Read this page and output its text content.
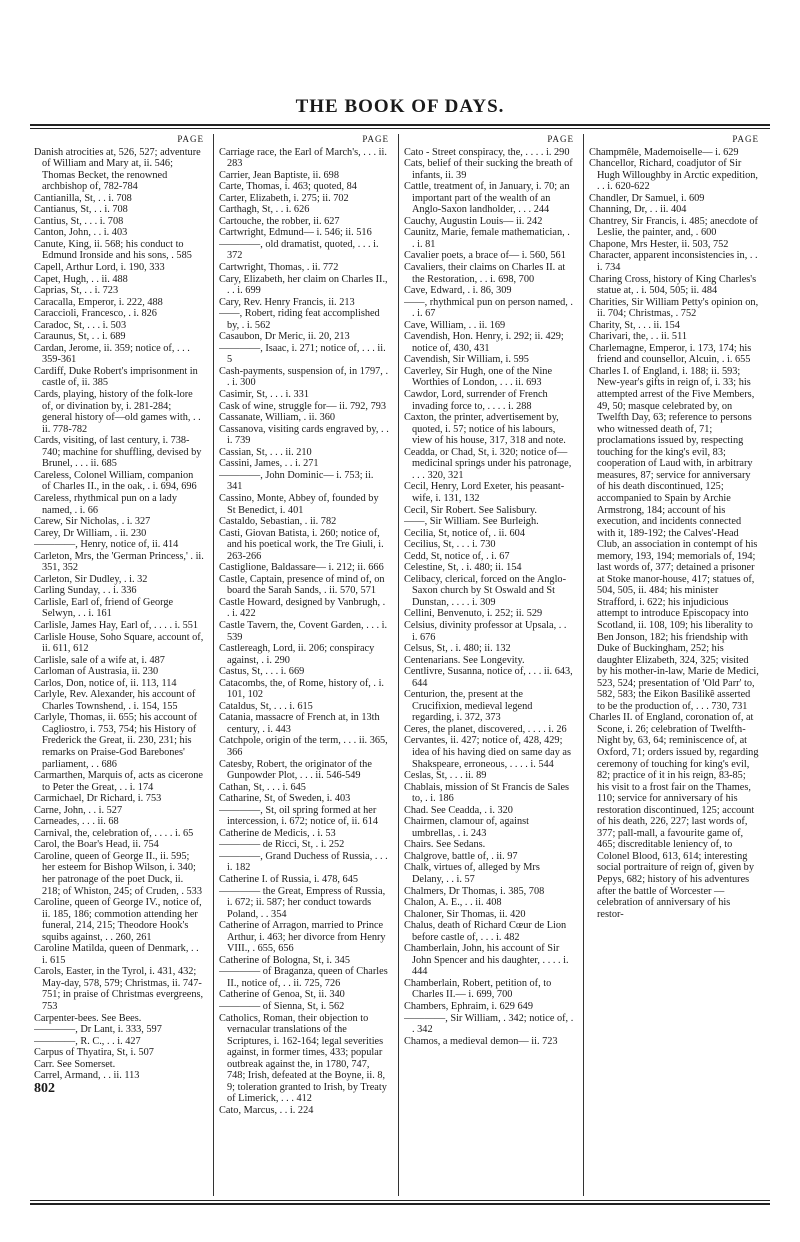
THE BOOK OF DAYS.
PAGE
Danish atrocities at, 526, 527; adventure of William and Mary at, ii. 546; Thomas Becket, the renowned archbishop of, 782-784
Cantianilla, St, . . i. 708
Cantianus, St, . . i. 708
Cantius, St, . . . i. 708
Canton, John, . . i. 403
Canute, King, ii. 568; his conduct to Edmund Ironside and his sons, . 585
Capell, Arthur Lord, i. 190, 333
Capet, Hugh, . . ii. 488
Caprias, St, . . i. 723
Caracalla, Emperor, i. 222, 488
Caraccioli, Francesco, . i. 826
Caradoc, St, . . . i. 503
Caraunus, St, . . i. 689
Cardan, Jerome, ii. 359; notice of, . . . 359-361
Cardiff, Duke Robert's imprisonment in castle of, ii. 385
Cards, playing, history of the folk-lore of, or divination by, i. 281-284; general history of—old games with, . . ii. 778-782
Cards, visiting, of last century, i. 738-740; machine for shuffling, devised by Brunel, . . . ii. 685
Careless, Colonel William, companion of Charles II., in the oak, . i. 694, 696
Careless, rhythmical pun on a lady named, . i. 66
Carew, Sir Nicholas, . i. 327
Carey, Dr William, . ii. 230
————, Henry, notice of, ii. 414
Carleton, Mrs, the 'German Princess,' . ii. 351, 352
Carleton, Sir Dudley, . i. 32
Carling Sunday, . . i. 336
Carlisle, Earl of, friend of George Selwyn, . . i. 161
Carlisle, James Hay, Earl of, . . . . i. 551
Carlisle House, Soho Square, account of, ii. 611, 612
Carlisle, sale of a wife at, i. 487
Carloman of Austrasia, ii. 230
Carlos, Don, notice of, ii. 113, 114
Carlyle, Rev. Alexander, his account of Charles Townshend, . i. 154, 155
Carlyle, Thomas, ii. 655; his account of Cagliostro, i. 753, 754; his History of Frederick the Great, ii. 230, 231; his remarks on Praise-God Barebones' parliament, . . 686
Carmarthen, Marquis of, acts as cicerone to Peter the Great, . . i. 174
Carmichael, Dr Richard, i. 753
Carne, John, . . i. 527
Carneades, . . . ii. 68
Carnival, the, celebration of, . . . . i. 65
Carol, the Boar's Head, ii. 754
Caroline, queen of George II., ii. 595; her esteem for Bishop Wilson, i. 340; her patronage of the poet Duck, ii. 218; of Whiston, 245; of Cruden, . 533
Caroline, queen of George IV., notice of, ii. 185, 186; commotion attending her funeral, 214, 215; Theodore Hook's squibs against, . . 260, 261
Caroline Matilda, queen of Denmark, . . i. 615
Carols, Easter, in the Tyrol, i. 431, 432; May-day, 578, 579; Christmas, ii. 747-751; in praise of Christmas evergreens, 753
Carpenter-bees. See Bees.
————, Dr Lant, i. 333, 597
————, R. C., . . i. 427
Carpus of Thyatira, St, i. 507
Carr. See Somerset.
Carrel, Armand, . . ii. 113
802
PAGE
Carriage race, the Earl of March's, . . . ii. 283
Carrier, Jean Baptiste, ii. 698
Carte, Thomas, i. 463; quoted, 84
Carter, Elizabeth, i. 275; ii. 702
Carthagh, St, . . i. 626
Cartouche, the robber, ii. 627
Cartwright, Edmund— i. 546; ii. 516
————, old dramatist, quoted, . . . i. 372
Cartwright, Thomas, . ii. 772
Cary, Elizabeth, her claim on Charles II., . . i. 699
Cary, Rev. Henry Francis, ii. 213
——, Robert, riding feat accomplished by, . i. 562
Casaubon, Dr Meric, ii. 20, 213
————, Isaac, i. 271; notice of, . . . ii. 5
Cash-payments, suspension of, in 1797, . . i. 300
Casimir, St, . . . i. 331
Cask of wine, struggle for— ii. 792, 793
Cassanate, William, . ii. 360
Cassanova, visiting cards engraved by, . . i. 739
Cassian, St, . . . ii. 210
Cassini, James, . . i. 271
————, John Dominic— i. 753; ii. 341
Cassino, Monte, Abbey of, founded by St Benedict, i. 401
Castaldo, Sebastian, . ii. 782
Casti, Giovan Batista, i. 260; notice of, and his poetical work, the Tre Giuli, i. 263-266
Castiglione, Baldassare— i. 212; ii. 666
Castle, Captain, presence of mind of, on board the Sarah Sands, . ii. 570, 571
Castle Howard, designed by Vanbrugh, . . i. 422
Castle Tavern, the, Covent Garden, . . . i. 539
Castlereagh, Lord, ii. 206; conspiracy against, . i. 290
Castus, St, . . . i. 669
Catacombs, the, of Rome, history of, . i. 101, 102
Cataldus, St, . . . i. 615
Catania, massacre of French at, in 13th century, . i. 443
Catchpole, origin of the term, . . . ii. 365, 366
Catesby, Robert, the originator of the Gunpowder Plot, . . . ii. 546-549
Cathan, St, . . . i. 645
Catharine, St, of Sweden, i. 403
————, St, oil spring formed at her intercession, i. 672; notice of, ii. 614
Catherine de Medicis, . i. 53
———— de Ricci, St, . i. 252
————, Grand Duchess of Russia, . . . i. 182
Catherine I. of Russia, i. 478, 645
———— the Great, Empress of Russia, i. 672; ii. 587; her conduct towards Poland, . . 354
Catherine of Arragon, married to Prince Arthur, i. 463; her divorce from Henry VIII., . 655, 656
Catherine of Bologna, St, i. 345
———— of Braganza, queen of Charles II., notice of, . . ii. 725, 726
Catherine of Genoa, St, ii. 340
———— of Sienna, St, i. 562
Catholics, Roman, their objection to vernacular translations of the Scriptures, i. 162-164; legal severities against, in former times, 433; popular outbreak against the, in 1780, 747, 748; Irish, defeated at the Boyne, ii. 8, 9; toleration granted to Irish, by Treaty of Limerick, . . . 412
Cato, Marcus, . . i. 224
PAGE
Cato - Street conspiracy, the, . . . . i. 290
Cats, belief of their sucking the breath of infants, ii. 39
Cattle, treatment of, in January, i. 70; an important part of the wealth of an Anglo-Saxon landholder, . . . 244
Cauchy, Augustin Louis— ii. 242
Caunitz, Marie, female mathematician, . . i. 81
Cavalier poets, a brace of— i. 560, 561
Cavaliers, their claims on Charles II. at the Restoration, . . i. 698, 700
Cave, Edward, . i. 86, 309
——, rhythmical pun on person named, . . i. 67
Cave, William, . . ii. 169
Cavendish, Hon. Henry, i. 292; ii. 429; notice of, 430, 431
Cavendish, Sir William, i. 595
Caverley, Sir Hugh, one of the Nine Worthies of London, . . . ii. 693
Cawdor, Lord, surrender of French invading force to, . . . . i. 288
Caxton, the printer, advertisement by, quoted, i. 57; notice of his labours, view of his house, 317, 318 and note.
Ceadda, or Chad, St, i. 320; notice of—medicinal springs under his patronage, . . . 320, 321
Cecil, Henry, Lord Exeter, his peasant-wife, i. 131, 132
Cecil, Sir Robert. See Salisbury.
——, Sir William. See Burleigh.
Cecilia, St, notice of, . ii. 604
Cecilius, St, . . . i. 730
Cedd, St, notice of, . i. 67
Celestine, St, . i. 480; ii. 154
Celibacy, clerical, forced on the Anglo-Saxon church by St Oswald and St Dunstan, . . . . i. 309
Cellini, Benvenuto, i. 252; ii. 529
Celsius, divinity professor at Upsala, . . i. 676
Celsus, St, . i. 480; ii. 132
Centenarians. See Longevity.
Centlivre, Susanna, notice of, . . . ii. 643, 644
Centurion, the, present at the Crucifixion, medieval legend regarding, i. 372, 373
Ceres, the planet, discovered, . . . . i. 26
Cervantes, ii. 427; notice of, 428, 429; idea of his having died on same day as Shakspeare, erroneous, . . . . i. 544
Ceslas, St, . . . ii. 89
Chablais, mission of St Francis de Sales to, . i. 186
Chad. See Ceadda, . i. 320
Chairmen, clamour of, against umbrellas, . i. 243
Chairs. See Sedans.
Chalgrove, battle of, . ii. 97
Chalk, virtues of, alleged by Mrs Delany, . . i. 57
Chalmers, Dr Thomas, i. 385, 708
Chalon, A. E., . . ii. 408
Chaloner, Sir Thomas, ii. 420
Chalus, death of Richard Cœur de Lion before castle of, . . . i. 482
Chamberlain, John, his account of Sir John Spencer and his daughter, . . . . i. 444
Chamberlain, Robert, petition of, to Charles II.— i. 699, 700
Chambers, Ephraim, i. 629 649
————, Sir William, . 342; notice of, . . 342
Chamos, a medieval demon— ii. 723
PAGE
Champmêle, Mademoiselle— i. 629
Chancellor, Richard, coadjutor of Sir Hugh Willoughby in Arctic expedition, . . i. 620-622
Chandler, Dr Samuel, i. 609
Channing, Dr, . . ii. 404
Chantrey, Sir Francis, i. 485; anecdote of Leslie, the painter, and, . 600
Chapone, Mrs Hester, ii. 503, 752
Character, apparent inconsistencies in, . . i. 734
Charing Cross, history of King Charles's statue at, . i. 504, 505; ii. 484
Charities, Sir William Petty's opinion on, ii. 704; Christmas, . 752
Charity, St, . . . ii. 154
Charivari, the, . . ii. 511
Charlemagne, Emperor, i. 173, 174; his friend and counsellor, Alcuin, . i. 655
Charles I. of England, i. 188; ii. 593; New-year's gifts in reign of, i. 33; his attempted arrest of the Five Members, 49, 50; masque celebrated by, on Twelfth Day, 63; reference to persons who witnessed death of, 71; proclamations issued by, respecting touching for the king's evil, 83; cooperation of Laud with, in arbitrary measures, 87; service for anniversary of his death discontinued, 125; accompanied to Spain by Archie Armstrong, 184; account of his execution, and incidents connected with it, 189-192; the Calves'-Head Club, an association in contempt of his memory, 193, 194; memorials of, 194; last words of, 377; detained a prisoner at Stoke manor-house, 417; statues of, 504, 505, ii. 484; his minister Strafford, i. 622; his injudicious attempt to introduce Episcopacy into Scotland, ii. 108, 109; his liberality to Ben Jonson, 182; his friendship with Duke of Buckingham, 252; his daughter Elizabeth, 324, 325; visited by his mother-in-law, Marie de Medici, 523, 524; presentation of 'Old Parr' to, 582, 583; the Eikon Basilikê asserted to be the production of, . . . 730, 731
Charles II. of England, coronation of, at Scone, i. 26; celebration of Twelfth-Night by, 63, 64; reminiscence of, at Oxford, 71; orders issued by, regarding ceremony of touching for king's evil, 82; practice of it in his reign, 83-85; his visit to a frost fair on the Thames, 110; service for anniversary of his restoration discontinued, 125; account of his death, 226, 227; last words of, 377; pall-mall, a favourite game of, 465; discreditable leniency of, to Colonel Blood, 613, 614; interesting social portraiture of reign of, given by Pepys, 682; history of his adventures after the battle of Worcester — celebration of anniversary of his restor-
